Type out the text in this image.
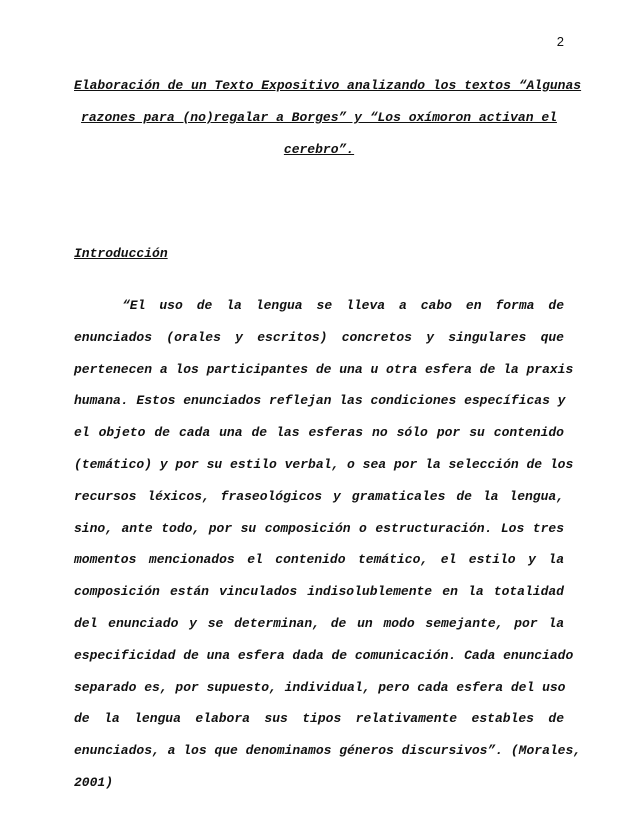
2
Elaboración de un Texto Expositivo analizando los textos “Algunas
razones para (no)regalar a Borges” y “Los oxímoron activan el
cerebro”.
Introducción
“El uso de la lengua se lleva a cabo en forma de
enunciados (orales y escritos) concretos y singulares que
pertenecen a los participantes de una u otra esfera de la praxis
humana. Estos enunciados reflejan las condiciones específicas y
el objeto de cada una de las esferas no sólo por su contenido
(temático) y por su estilo verbal, o sea por la selección de los
recursos léxicos, fraseológicos y gramaticales de la lengua,
sino, ante todo, por su composición o estructuración. Los tres
momentos mencionados el contenido temático, el estilo y la
composición están vinculados indisolublemente en la totalidad
del enunciado y se determinan, de un modo semejante, por la
especificidad de una esfera dada de comunicación. Cada enunciado
separado es, por supuesto, individual, pero cada esfera del uso
de la lengua elabora sus tipos relativamente estables de
enunciados, a los que denominamos géneros discursivos”. (Morales,
2001)
